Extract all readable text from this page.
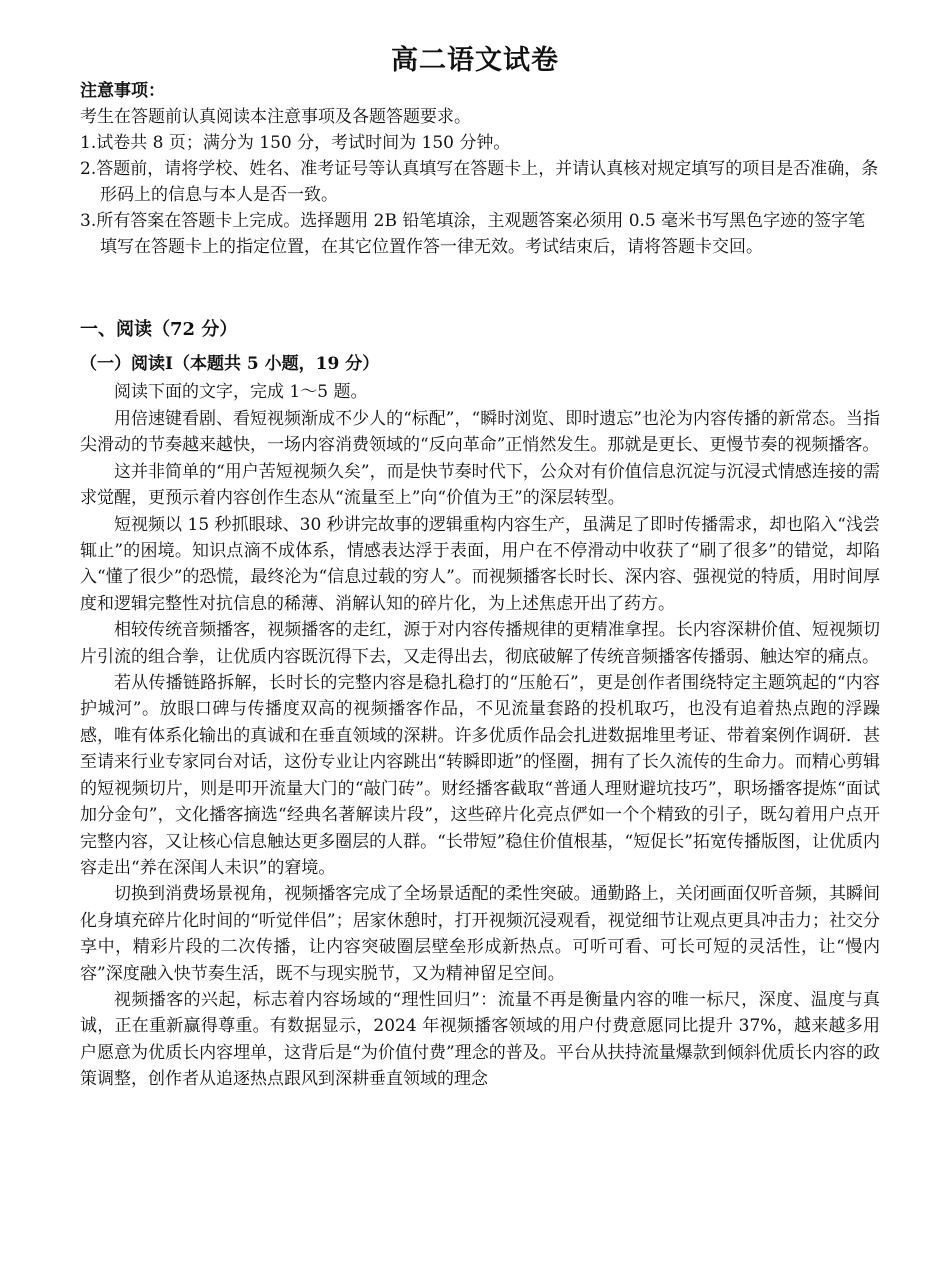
高二语文试卷
注意事项：
考生在答题前认真阅读本注意事项及各题答题要求。
1.试卷共 8 页；满分为 150 分，考试时间为 150 分钟。
2.答题前，请将学校、姓名、准考证号等认真填写在答题卡上，并请认真核对规定填写的项目是否准确，条形码上的信息与本人是否一致。
3.所有答案在答题卡上完成。选择题用 2B 铅笔填涂，主观题答案必须用 0.5 毫米书写黑色字迹的签字笔填写在答题卡上的指定位置，在其它位置作答一律无效。考试结束后，请将答题卡交回。
一、阅读（72 分）
（一）阅读I（本题共 5 小题，19 分）
阅读下面的文字，完成 1～5 题。
用倍速键看剧、看短视频渐成不少人的“标配”，“瞬时浏览、即时遗忘”也沦为内容传播的新常态。当指尖滑动的节奏越来越快，一场内容消费领域的“反向革命”正悄然发生。那就是更长、更慢节奏的视频播客。
这并非简单的“用户苦短视频久矣”，而是快节奏时代下，公众对有价值信息沉淀与沉浸式情感连接的需求觉醒，更预示着内容创作生态从“流量至上”向“价值为王”的深层转型。
短视频以 15 秒抓眼球、30 秒讲完故事的逻辑重构内容生产，虽满足了即时传播需求，却也陷入“浅尝辄止”的困境。知识点滴不成体系，情感表达浮于表面，用户在不停滑动中收获了“刷了很多”的错觉，却陷入“懂了很少”的恐慌，最终沦为“信息过载的穷人”。而视频播客长时长、深内容、强视觉的特质，用时间厚度和逻辑完整性对抗信息的稀薄、消解认知的碎片化，为上述焦虑开出了药方。
相较传统音频播客，视频播客的走红，源于对内容传播规律的更精准拿捏。长内容深耕价值、短视频切片引流的组合拳，让优质内容既沉得下去，又走得出去，彻底破解了传统音频播客传播弱、触达窄的痛点。
若从传播链路拆解，长时长的完整内容是稳扎稳打的“压舱石”，更是创作者围绕特定主题筑起的“内容护城河”。放眼口碑与传播度双高的视频播客作品，不见流量套路的投机取巧，也没有追着热点跑的浮躁感，唯有体系化输出的真诚和在垂直领域的深耕。许多优质作品会扎进数据堆里考证、带着案例作调研．甚至请来行业专家同台对话，这份专业让内容跳出“转瞬即逝”的怪圈，拥有了长久流传的生命力。而精心剪辑的短视频切片，则是叩开流量大门的“敲门砖”。财经播客截取“普通人理财避坑技巧”，职场播客提炼“面试加分金句”，文化播客摘选“经典名著解读片段”，这些碎片化亮点俨如一个个精致的引子，既勾着用户点开完整内容，又让核心信息触达更多圈层的人群。“长带短”稳住价值根基，“短促长”拓宽传播版图，让优质内容走出“养在深闺人未识”的窘境。
切换到消费场景视角，视频播客完成了全场景适配的柔性突破。通勤路上，关闭画面仅听音频，其瞬间化身填充碎片化时间的“听觉伴侣”；居家休憩时，打开视频沉浸观看，视觉细节让观点更具冲击力；社交分享中，精彩片段的二次传播，让内容突破圈层壁垒形成新热点。可听可看、可长可短的灵活性，让“慢内容”深度融入快节奏生活，既不与现实脱节，又为精神留足空间。
视频播客的兴起，标志着内容场域的“理性回归”：流量不再是衡量内容的唯一标尺，深度、温度与真诚，正在重新赢得尊重。有数据显示，2024 年视频播客领域的用户付费意愿同比提升 37%，越来越多用户愿意为优质长内容埋单，这背后是“为价值付费”理念的普及。平台从扶持流量爆款到倾斜优质长内容的政策调整，创作者从追逐热点跟风到深耕垂直领域的理念
